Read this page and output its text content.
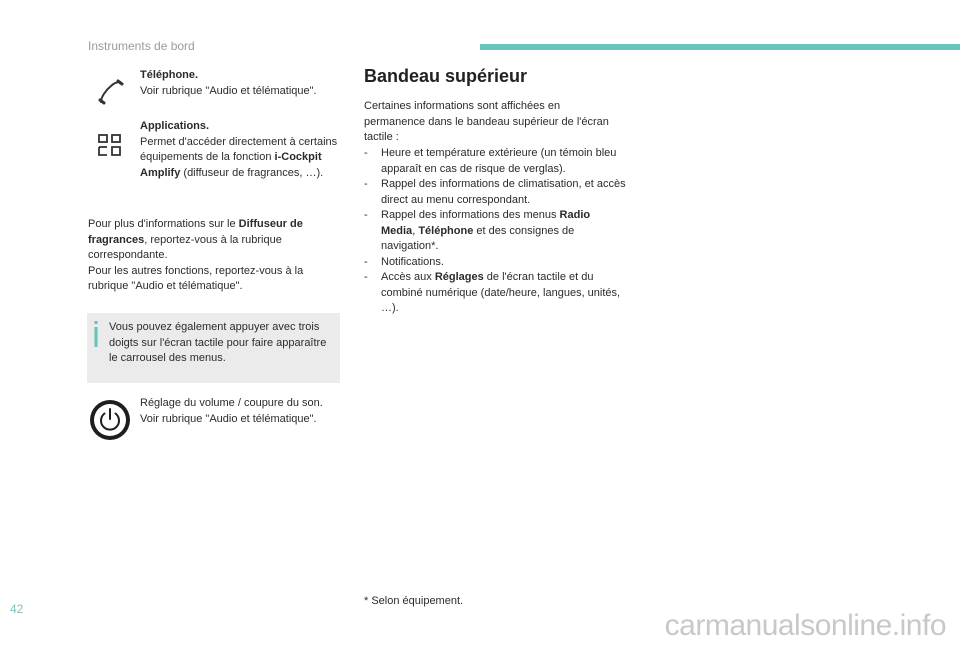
Instruments de bord
Téléphone.
Voir rubrique "Audio et télématique".
Applications.
Permet d'accéder directement à certains équipements de la fonction i-Cockpit Amplify (diffuseur de fragrances, …).
Pour plus d'informations sur le Diffuseur de fragrances, reportez-vous à la rubrique correspondante.
Pour les autres fonctions, reportez-vous à la rubrique "Audio et télématique".
Vous pouvez également appuyer avec trois doigts sur l'écran tactile pour faire apparaître le carrousel des menus.
Réglage du volume / coupure du son.
Voir rubrique "Audio et télématique".
Bandeau supérieur
Certaines informations sont affichées en permanence dans le bandeau supérieur de l'écran tactile :
- Heure et température extérieure (un témoin bleu apparaît en cas de risque de verglas).
- Rappel des informations de climatisation, et accès direct au menu correspondant.
- Rappel des informations des menus Radio Media, Téléphone et des consignes de navigation*.
- Notifications.
- Accès aux Réglages de l'écran tactile et du combiné numérique (date/heure, langues, unités, …).
* Selon équipement.
42	carmanualsonline.info
